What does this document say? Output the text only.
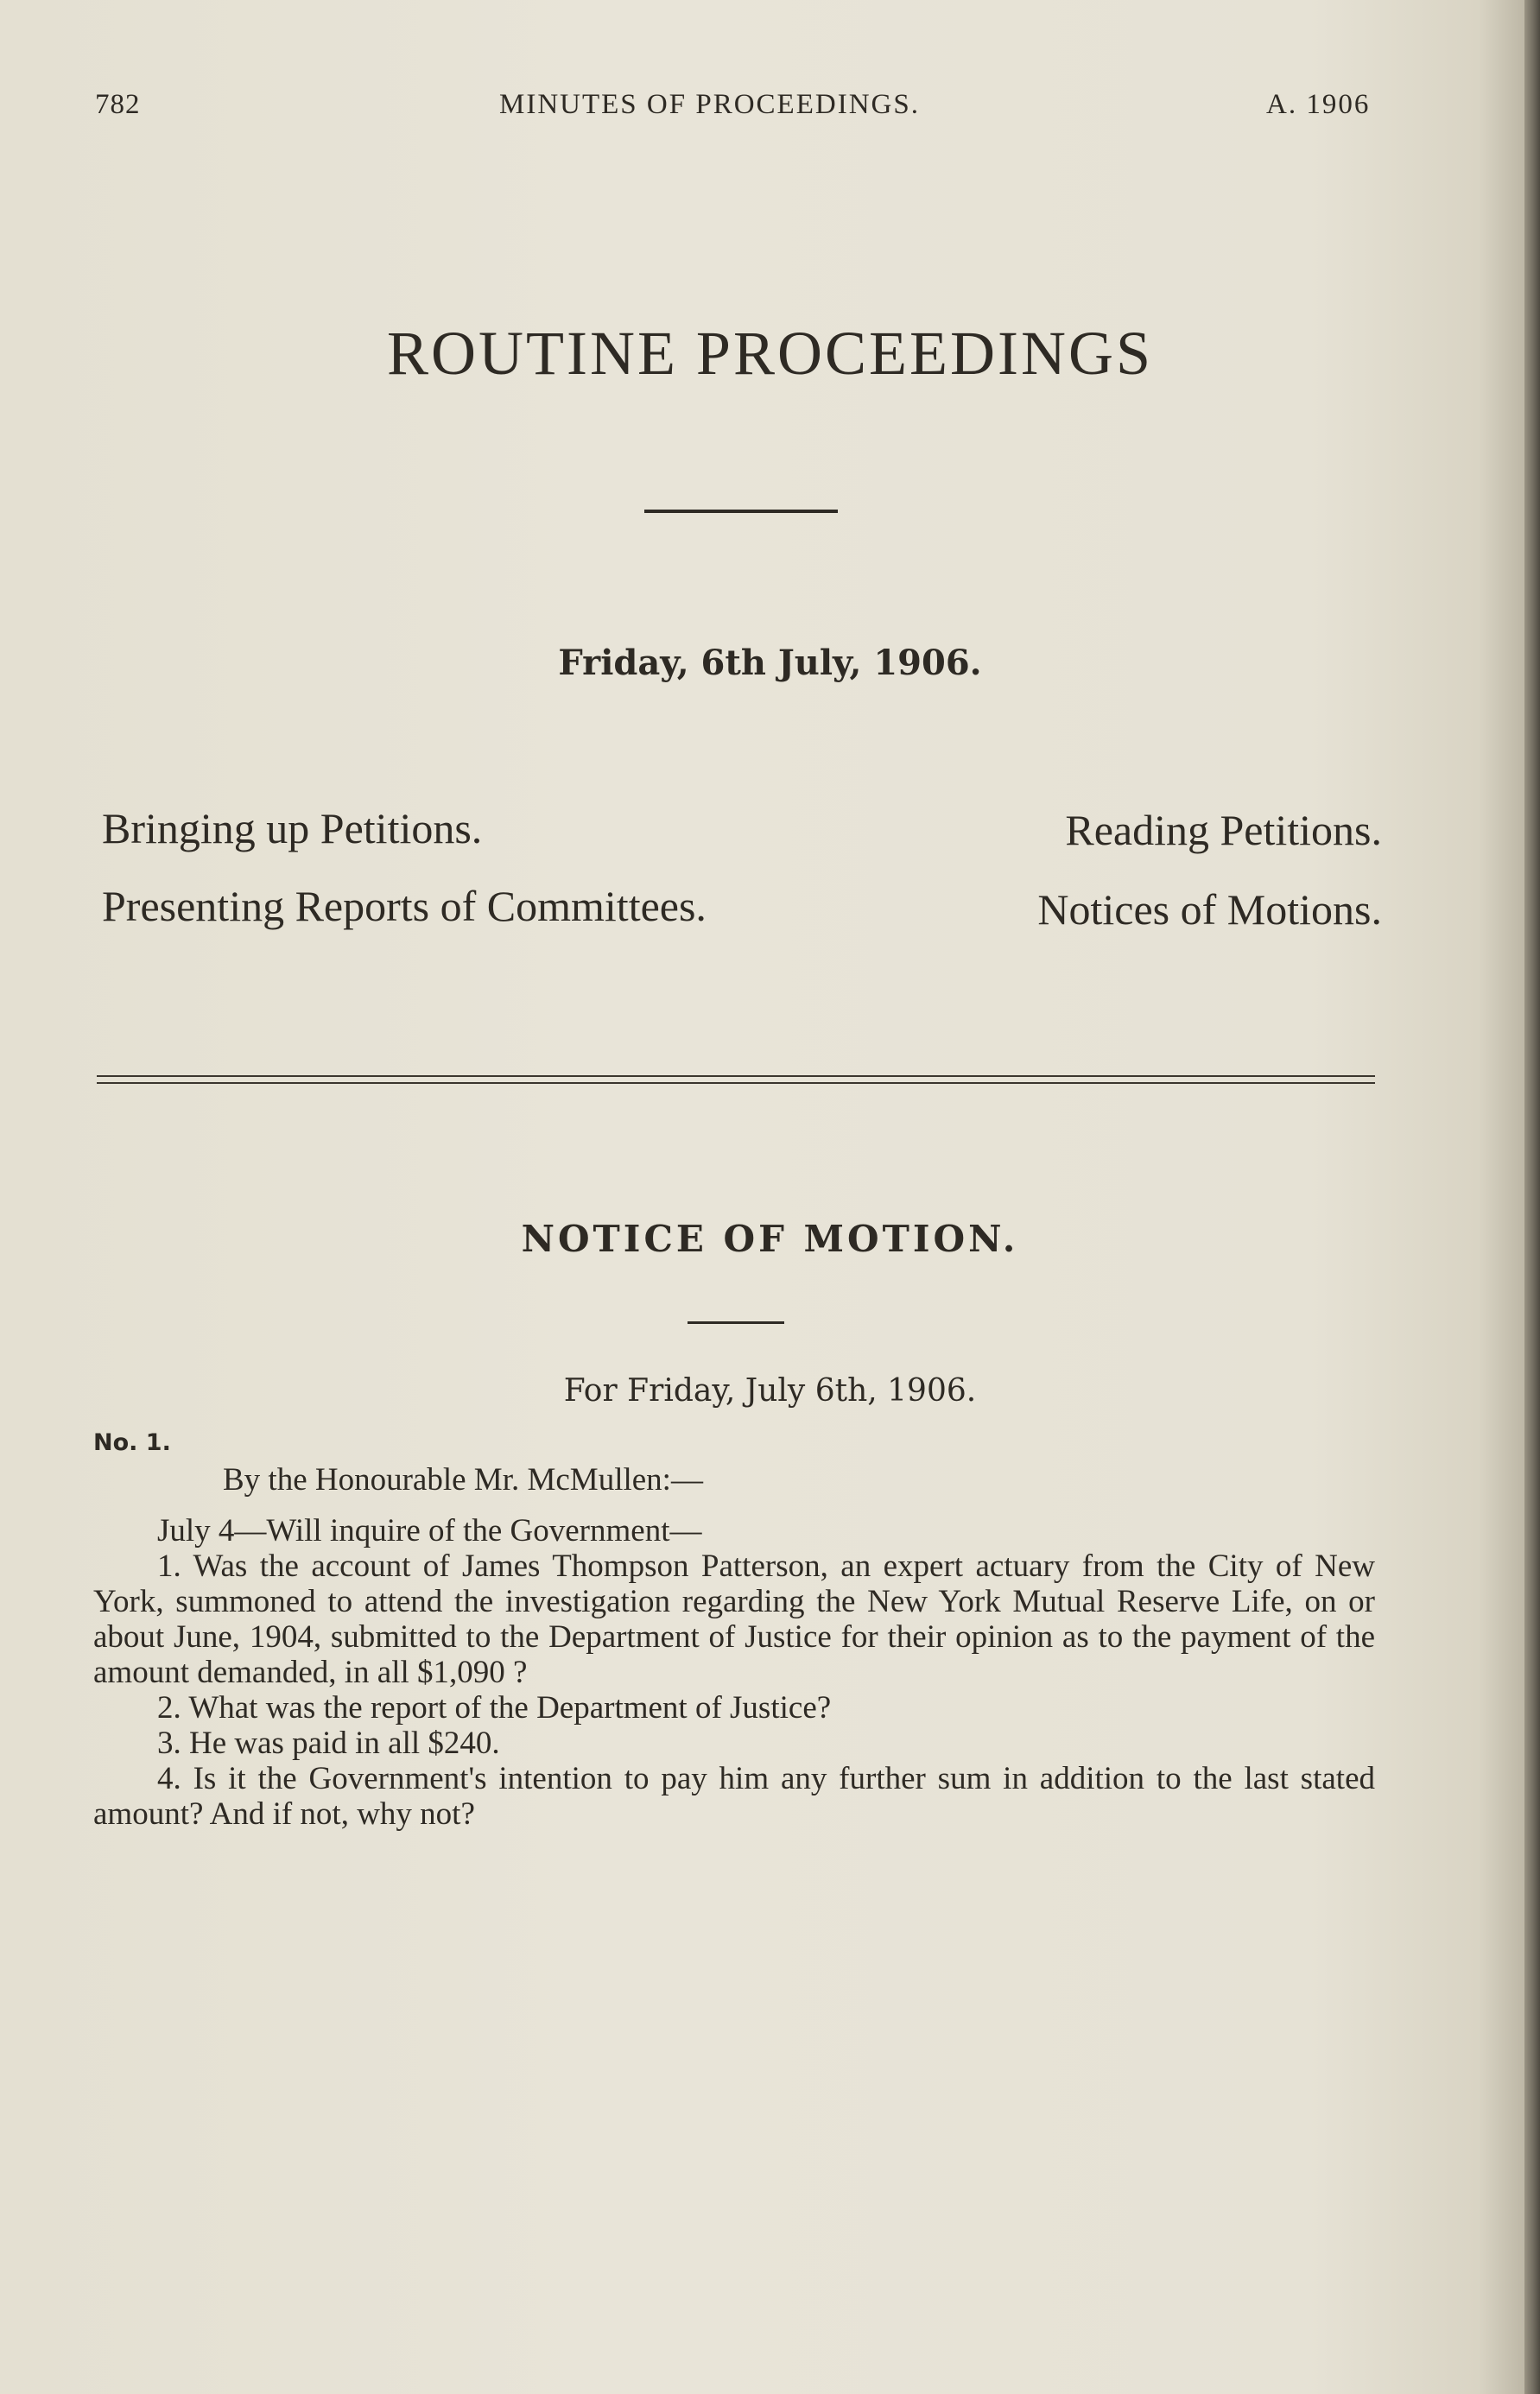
782	MINUTES OF PROCEEDINGS.	A. 1906
ROUTINE PROCEEDINGS
Friday, 6th July, 1906.
Bringing up Petitions.
Presenting Reports of Committees.
Reading Petitions.
Notices of Motions.
NOTICE OF MOTION.
For Friday, July 6th, 1906.
No. 1.
By the Honourable Mr. McMullen:—
July 4—Will inquire of the Government—
1. Was the account of James Thompson Patterson, an expert actuary from the City of New York, summoned to attend the investigation regarding the New York Mutual Reserve Life, on or about June, 1904, submitted to the Department of Justice for their opinion as to the payment of the amount demanded, in all $1,090 ?
2. What was the report of the Department of Justice?
3. He was paid in all $240.
4. Is it the Government's intention to pay him any further sum in addition to the last stated amount? And if not, why not?
